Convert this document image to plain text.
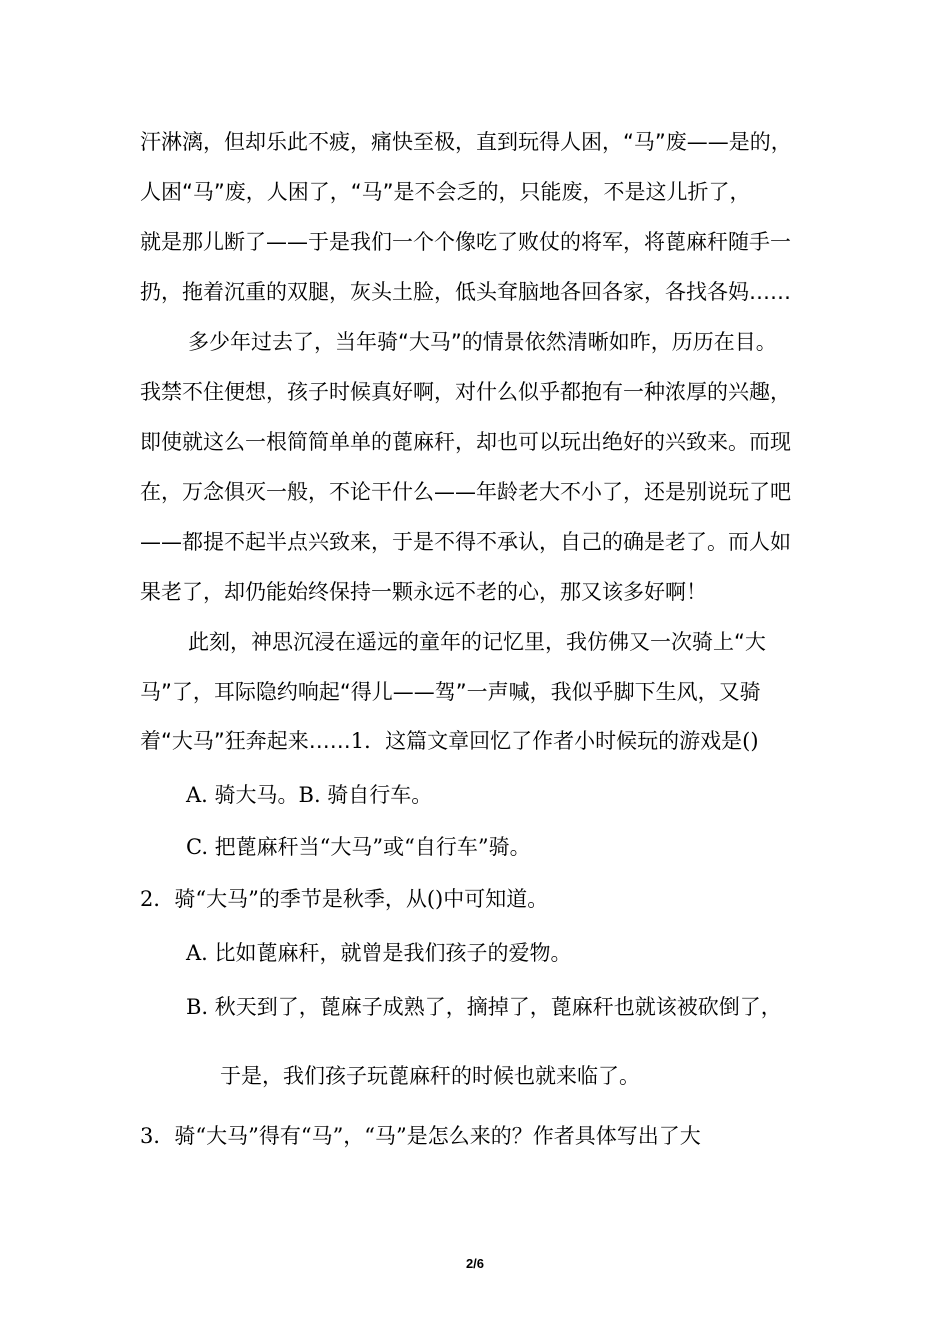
汗淋漓，但却乐此不疲，痛快至极，直到玩得人困，“马”废——是的，
人困“马”废，人困了，“马”是不会乏的，只能废，不是这儿折了，
就是那儿断了——于是我们一个个像吃了败仗的将军，将蓖麻秆随手一
扔，拖着沉重的双腿，灰头土脸，低头耷脑地各回各家，各找各妈……
多少年过去了，当年骑“大马”的情景依然清晰如昨，历历在目。
我禁不住便想，孩子时候真好啊，对什么似乎都抱有一种浓厚的兴趣，
即使就这么一根简简单单的蓖麻秆，却也可以玩出绝好的兴致来。而现
在，万念俱灭一般，不论干什么——年龄老大不小了，还是别说玩了吧
——都提不起半点兴致来，于是不得不承认，自己的确是老了。而人如
果老了，却仍能始终保持一颗永远不老的心，那又该多好啊！
此刻，神思沉浸在遥远的童年的记忆里，我仿佛又一次骑上“大
马”了，耳际隐约响起“得儿——驾”一声喊，我似乎脚下生风，又骑
着“大马”狂奔起来……1．这篇文章回忆了作者小时候玩的游戏是()
A. 骑大马。B. 骑自行车。
C. 把蓖麻秆当“大马”或“自行车”骑。
2．骑“大马”的季节是秋季，从()中可知道。
A. 比如蓖麻秆，就曾是我们孩子的爱物。
B. 秋天到了，蓖麻子成熟了，摘掉了，蓖麻秆也就该被砍倒了，
于是，我们孩子玩蓖麻秆的时候也就来临了。
3．骑“大马”得有“马”，“马”是怎么来的？作者具体写出了大
2/6
